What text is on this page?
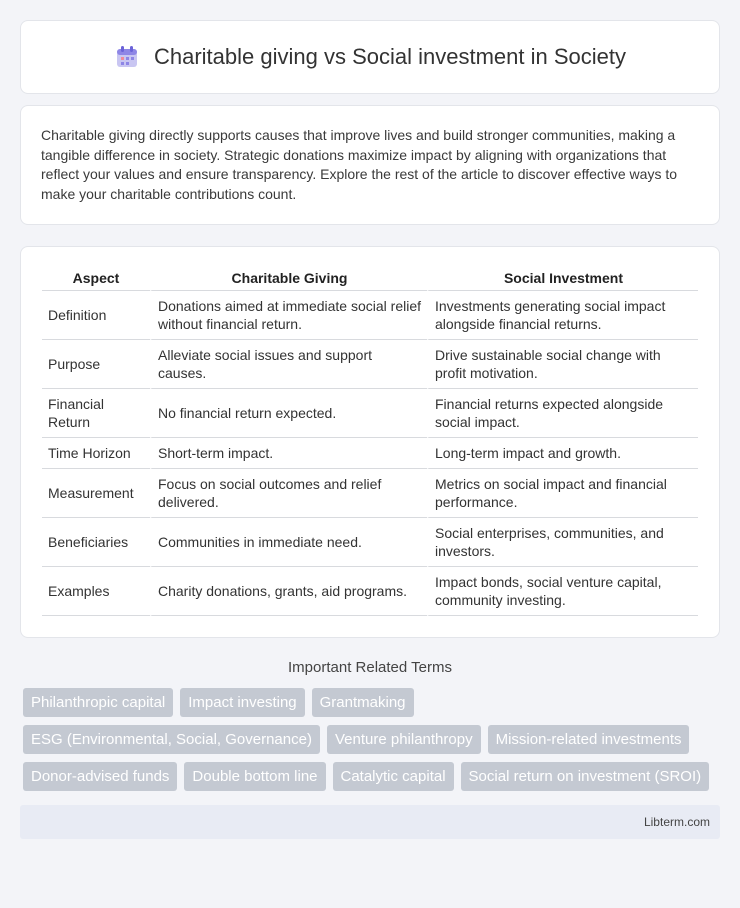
Charitable giving vs Social investment in Society

Charitable giving directly supports causes that improve lives and build stronger communities, making a tangible difference in society. Strategic donations maximize impact by aligning with organizations that reflect your values and ensure transparency. Explore the rest of the article to discover effective ways to make your charitable contributions count.

Aspect	Charitable Giving	Social Investment
Definition	Donations aimed at immediate social relief without financial return.	Investments generating social impact alongside financial returns.
Purpose	Alleviate social issues and support causes.	Drive sustainable social change with profit motivation.
Financial Return	No financial return expected.	Financial returns expected alongside social impact.
Time Horizon	Short-term impact.	Long-term impact and growth.
Measurement	Focus on social outcomes and relief delivered.	Metrics on social impact and financial performance.
Beneficiaries	Communities in immediate need.	Social enterprises, communities, and investors.
Examples	Charity donations, grants, aid programs.	Impact bonds, social venture capital, community investing.
Important Related Terms
Philanthropic capital	Impact investing	Grantmaking
ESG (Environmental, Social, Governance)	Venture philanthropy	Mission-related investments
Donor-advised funds	Double bottom line	Catalytic capital	Social return on investment (SROI)
Libterm.com
